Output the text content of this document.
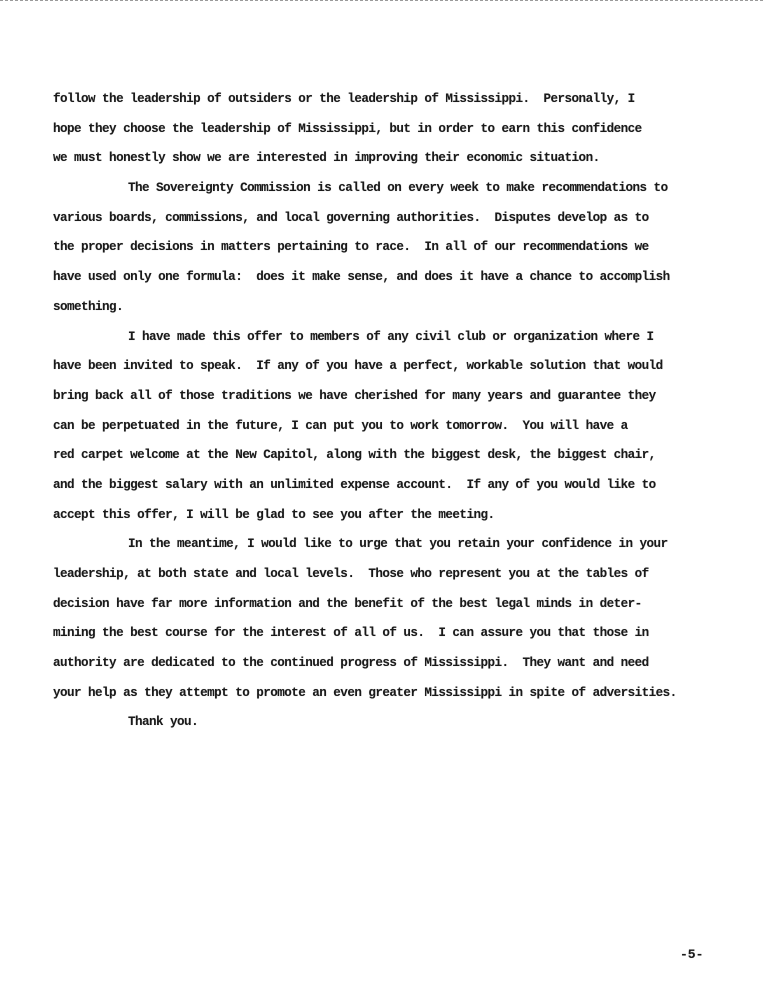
follow the leadership of outsiders or the leadership of Mississippi.  Personally, I
hope they choose the leadership of Mississippi, but in order to earn this confidence
we must honestly show we are interested in improving their economic situation.
The Sovereignty Commission is called on every week to make recommendations to
various boards, commissions, and local governing authorities.  Disputes develop as to
the proper decisions in matters pertaining to race.  In all of our recommendations we
have used only one formula:  does it make sense, and does it have a chance to accomplish
something.
I have made this offer to members of any civil club or organization where I
have been invited to speak.  If any of you have a perfect, workable solution that would
bring back all of those traditions we have cherished for many years and guarantee they
can be perpetuated in the future, I can put you to work tomorrow.  You will have a
red carpet welcome at the New Capitol, along with the biggest desk, the biggest chair,
and the biggest salary with an unlimited expense account.  If any of you would like to
accept this offer, I will be glad to see you after the meeting.
In the meantime, I would like to urge that you retain your confidence in your
leadership, at both state and local levels.  Those who represent you at the tables of
decision have far more information and the benefit of the best legal minds in deter-
mining the best course for the interest of all of us.  I can assure you that those in
authority are dedicated to the continued progress of Mississippi.  They want and need
your help as they attempt to promote an even greater Mississippi in spite of adversities.
Thank you.
-5-
